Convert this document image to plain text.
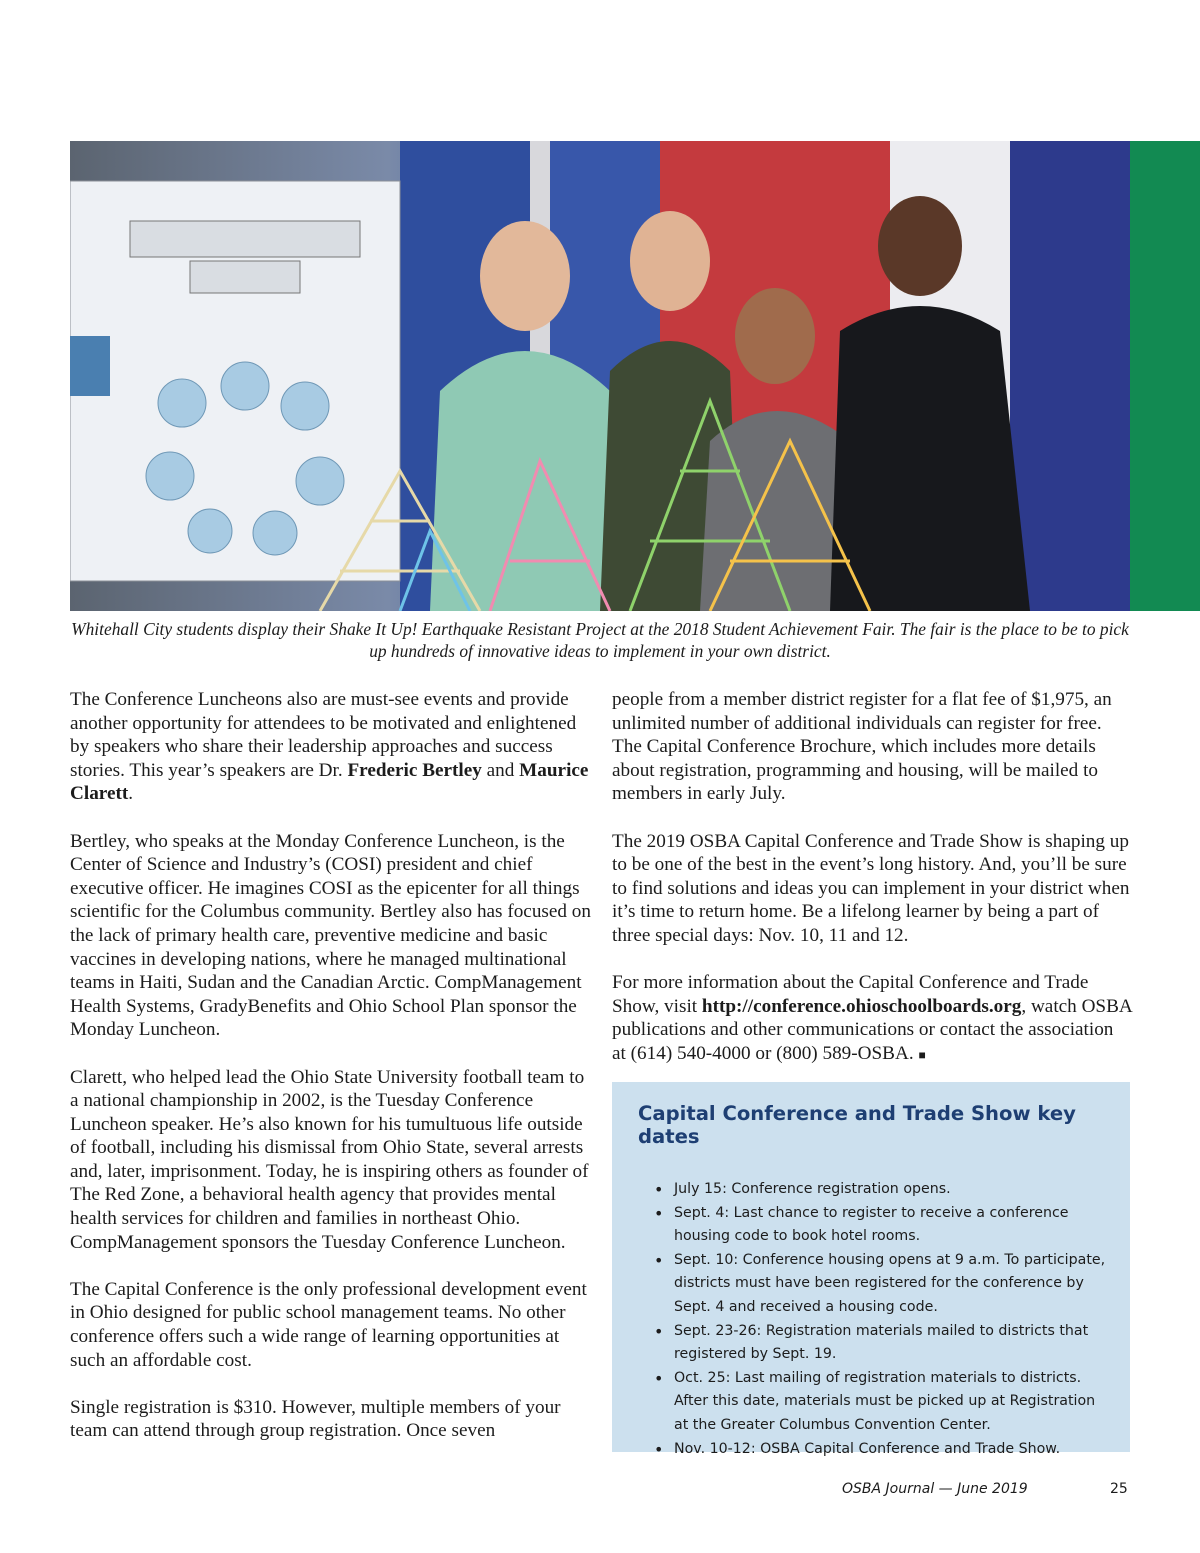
Whitehall City students display their Shake It Up! Earthquake Resistant Project at the 2018 Student Achievement Fair. The fair is the place to be to pick up hundreds of innovative ideas to implement in your own district.

The Conference Luncheons also are must-see events and provide another opportunity for attendees to be motivated and enlightened by speakers who share their leadership approaches and success stories. This year’s speakers are Dr. Frederic Bertley and Maurice Clarett.

Bertley, who speaks at the Monday Conference Luncheon, is the Center of Science and Industry’s (COSI) president and chief executive officer. He imagines COSI as the epicenter for all things scientific for the Columbus community. Bertley also has focused on the lack of primary health care, preventive medicine and basic vaccines in developing nations, where he managed multinational teams in Haiti, Sudan and the Canadian Arctic. CompManagement Health Systems, GradyBenefits and Ohio School Plan sponsor the Monday Luncheon.

Clarett, who helped lead the Ohio State University football team to a national championship in 2002, is the Tuesday Conference Luncheon speaker. He’s also known for his tumultuous life outside of football, including his dismissal from Ohio State, several arrests and, later, imprisonment. Today, he is inspiring others as founder of The Red Zone, a behavioral health agency that provides mental health services for children and families in northeast Ohio. CompManagement sponsors the Tuesday Conference Luncheon.

The Capital Conference is the only professional development event in Ohio designed for public school management teams. No other conference offers such a wide range of learning opportunities at such an affordable cost.

Single registration is $310. However, multiple members of your team can attend through group registration. Once seven

people from a member district register for a flat fee of $1,975, an unlimited number of additional individuals can register for free. The Capital Conference Brochure, which includes more details about registration, programming and housing, will be mailed to members in early July.

The 2019 OSBA Capital Conference and Trade Show is shaping up to be one of the best in the event’s long history. And, you’ll be sure to find solutions and ideas you can implement in your district when it’s time to return home. Be a lifelong learner by being a part of three special days: Nov. 10, 11 and 12.

For more information about the Capital Conference and Trade Show, visit http://conference.ohioschoolboards.org, watch OSBA publications and other communications or contact the association at (614) 540-4000 or (800) 589-OSBA. ■

Capital Conference and Trade Show key dates
• July 15: Conference registration opens.
• Sept. 4: Last chance to register to receive a conference housing code to book hotel rooms.
• Sept. 10: Conference housing opens at 9 a.m. To participate, districts must have been registered for the conference by Sept. 4 and received a housing code.
• Sept. 23-26: Registration materials mailed to districts that registered by Sept. 19.
• Oct. 25: Last mailing of registration materials to districts. After this date, materials must be picked up at Registration at the Greater Columbus Convention Center.
• Nov. 10-12: OSBA Capital Conference and Trade Show.
OSBA Journal — June 2019	25
